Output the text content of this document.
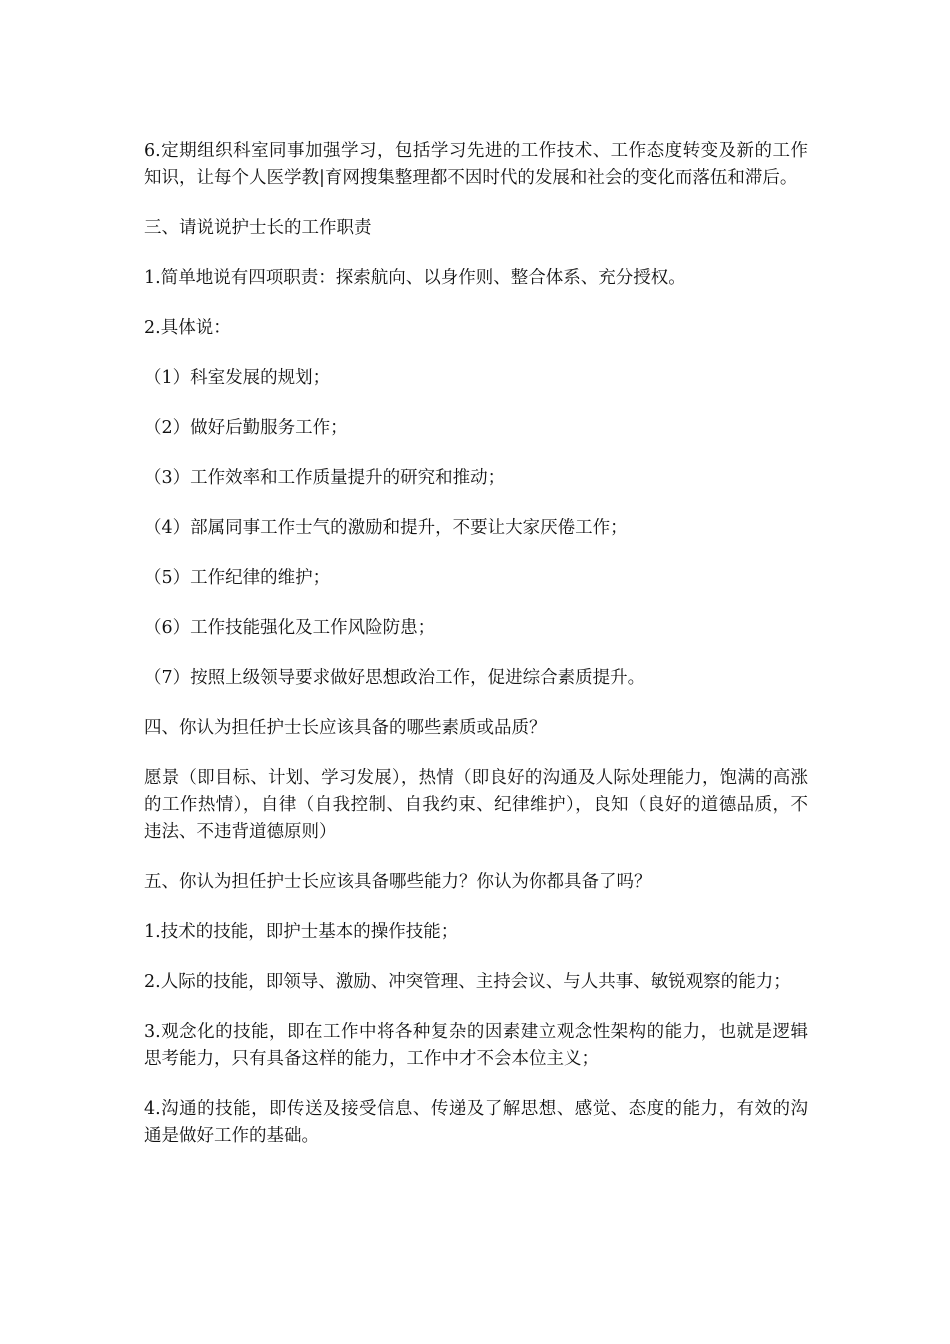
6.定期组织科室同事加强学习，包括学习先进的工作技术、工作态度转变及新的工作知识，让每个人医学教|育网搜集整理都不因时代的发展和社会的变化而落伍和滞后。

三、请说说护士长的工作职责

1.简单地说有四项职责：探索航向、以身作则、整合体系、充分授权。

2.具体说：

（1）科室发展的规划；

（2）做好后勤服务工作；

（3）工作效率和工作质量提升的研究和推动；

（4）部属同事工作士气的激励和提升，不要让大家厌倦工作；

（5）工作纪律的维护；

（6）工作技能强化及工作风险防患；

（7）按照上级领导要求做好思想政治工作，促进综合素质提升。

四、你认为担任护士长应该具备的哪些素质或品质？

愿景（即目标、计划、学习发展），热情（即良好的沟通及人际处理能力，饱满的高涨的工作热情），自律（自我控制、自我约束、纪律维护），良知（良好的道德品质，不违法、不违背道德原则）

五、你认为担任护士长应该具备哪些能力？你认为你都具备了吗？

1.技术的技能，即护士基本的操作技能；

2.人际的技能，即领导、激励、冲突管理、主持会议、与人共事、敏锐观察的能力；

3.观念化的技能，即在工作中将各种复杂的因素建立观念性架构的能力，也就是逻辑思考能力，只有具备这样的能力，工作中才不会本位主义；

4.沟通的技能，即传送及接受信息、传递及了解思想、感觉、态度的能力，有效的沟通是做好工作的基础。
